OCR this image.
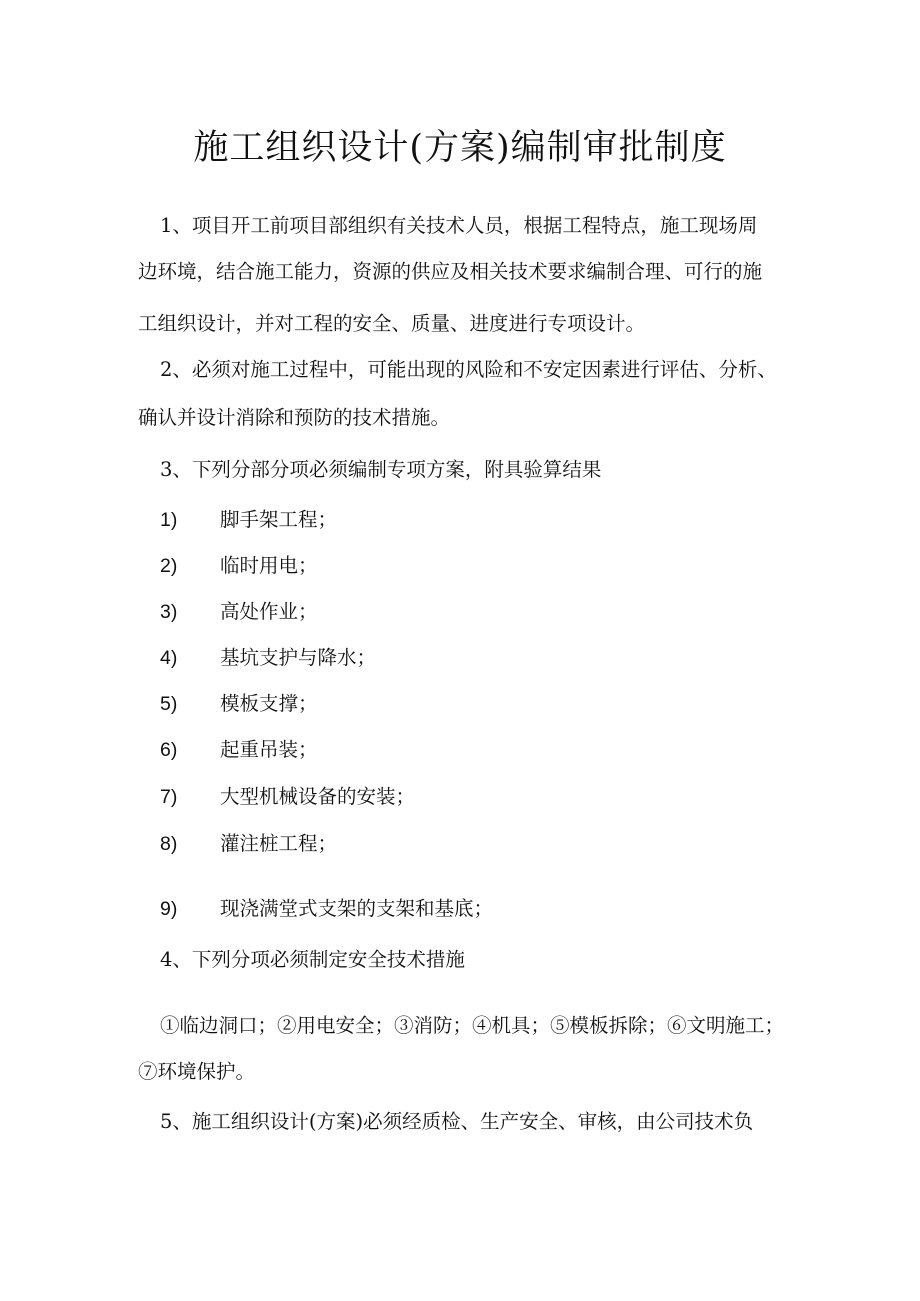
施工组织设计(方案)编制审批制度
1、项目开工前项目部组织有关技术人员，根据工程特点，施工现场周
边环境，结合施工能力，资源的供应及相关技术要求编制合理、可行的施
工组织设计，并对工程的安全、质量、进度进行专项设计。
2、必须对施工过程中，可能出现的风险和不安定因素进行评估、分析、
确认并设计消除和预防的技术措施。
3、下列分部分项必须编制专项方案，附具验算结果
1) 脚手架工程；
2) 临时用电；
3) 高处作业；
4) 基坑支护与降水；
5) 模板支撑；
6) 起重吊装；
7) 大型机械设备的安装；
8) 灌注桩工程；
9) 现浇满堂式支架的支架和基底；
4、下列分项必须制定安全技术措施
①临边洞口；②用电安全；③消防；④机具；⑤模板拆除；⑥文明施工；
⑦环境保护。
5、施工组织设计(方案)必须经质检、生产安全、审核，由公司技术负
